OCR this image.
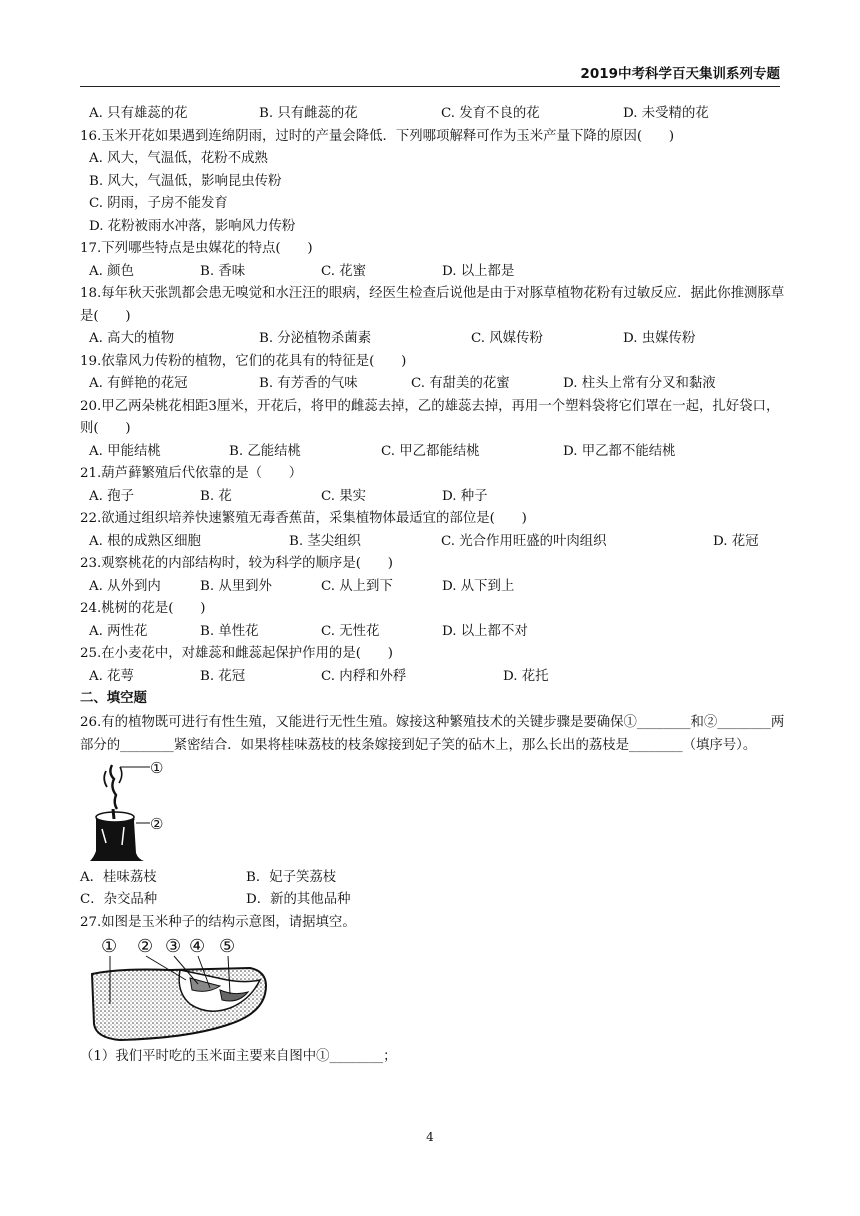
2019中考科学百天集训系列专题
A. 只有雄蕊的花	B. 只有雌蕊的花	C. 发育不良的花	D. 未受精的花
16.玉米开花如果遇到连绵阴雨，过时的产量会降低．下列哪项解释可作为玉米产量下降的原因(　　)
A. 风大，气温低，花粉不成熟
B. 风大，气温低，影响昆虫传粉
C. 阴雨，子房不能发育
D. 花粉被雨水冲落，影响风力传粉
17.下列哪些特点是虫媒花的特点(　　)
A. 颜色	B. 香味	C. 花蜜	D. 以上都是
18.每年秋天张凯都会患无嗅觉和水汪汪的眼病，经医生检查后说他是由于对豚草植物花粉有过敏反应．据此你推测豚草是(　　)
A. 高大的植物	B. 分泌植物杀菌素	C. 风媒传粉	D. 虫媒传粉
19.依靠风力传粉的植物，它们的花具有的特征是(　　)
A. 有鲜艳的花冠	B. 有芳香的气味	C. 有甜美的花蜜	D. 柱头上常有分叉和黏液
20.甲乙两朵桃花相距3厘米，开花后，将甲的雌蕊去掉，乙的雄蕊去掉，再用一个塑料袋将它们罩在一起，扎好袋口，则(　　)
A. 甲能结桃	B. 乙能结桃	C. 甲乙都能结桃	D. 甲乙都不能结桃
21.葫芦藓繁殖后代依靠的是（　　）
A. 孢子	B. 花	C. 果实	D. 种子
22.欲通过组织培养快速繁殖无毒香蕉苗，采集植物体最适宜的部位是(　　)
A. 根的成熟区细胞	B. 茎尖组织	C. 光合作用旺盛的叶肉组织	D. 花冠
23.观察桃花的内部结构时，较为科学的顺序是(　　)
A. 从外到内	B. 从里到外	C. 从上到下	D. 从下到上
24.桃树的花是(　　)
A. 两性花	B. 单性花	C. 无性花	D. 以上都不对
25.在小麦花中，对雄蕊和雌蕊起保护作用的是(　　)
A. 花萼	B. 花冠	C. 内稃和外稃	D. 花托
二、填空题
26.有的植物既可进行有性生殖，又能进行无性生殖。嫁接这种繁殖技术的关键步骤是要确保①________和②________两部分的________紧密结合．如果将桂味荔枝的枝条嫁接到妃子笑的砧木上，那么长出的荔枝是________（填序号）。
①
②
A．桂味荔枝	B．妃子笑荔枝
C．杂交品种	D．新的其他品种
27.如图是玉米种子的结构示意图，请据填空。
① ② ③ ④ ⑤
（1）我们平时吃的玉米面主要来自图中①________；
4
